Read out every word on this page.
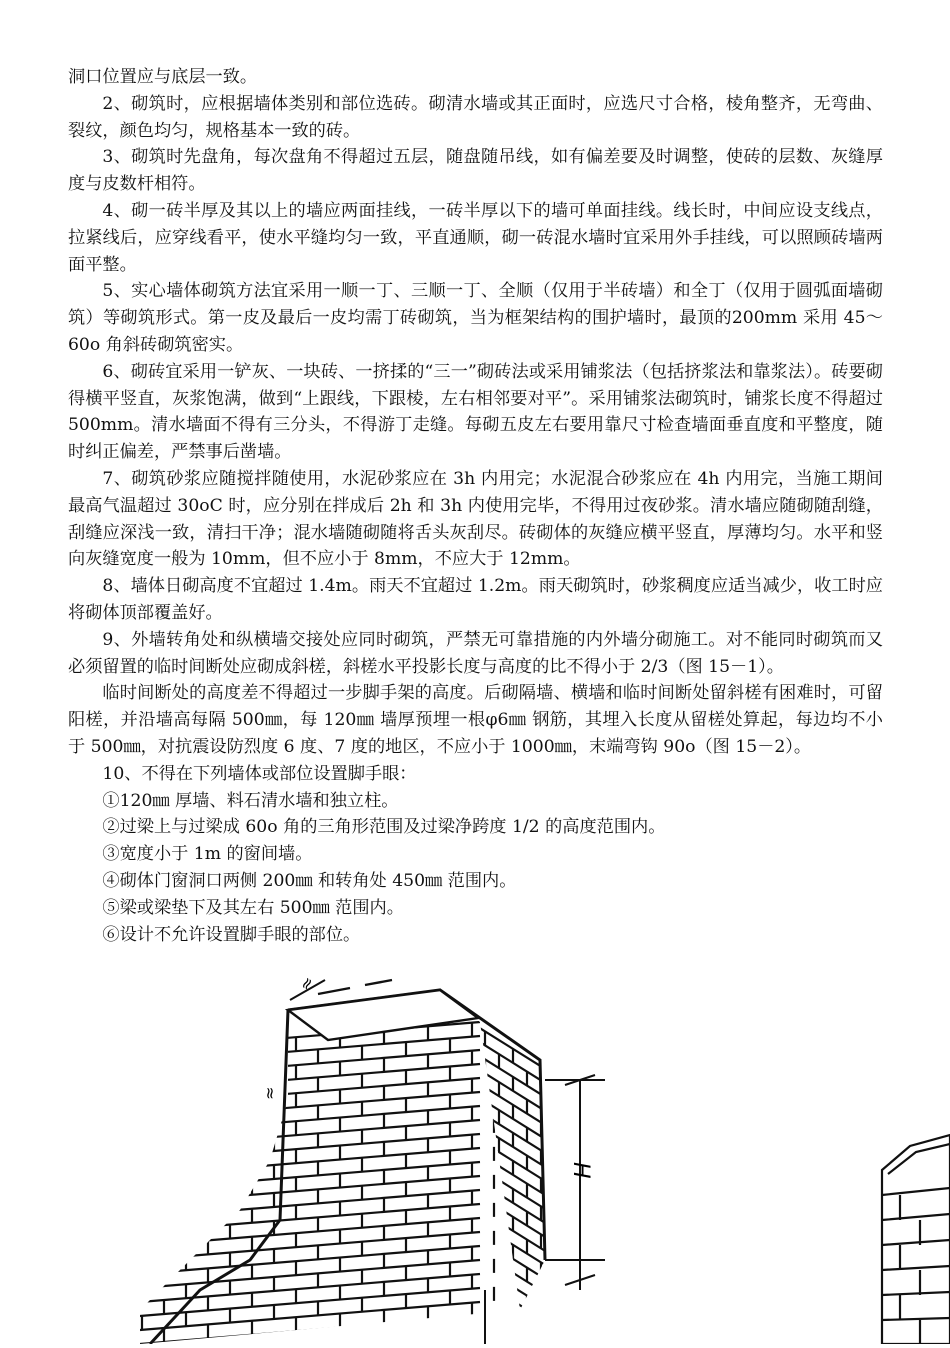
洞口位置应与底层一致。

2、砌筑时，应根据墙体类别和部位选砖。砌清水墙或其正面时，应选尺寸合格，棱角整齐，无弯曲、裂纹，颜色均匀，规格基本一致的砖。

3、砌筑时先盘角，每次盘角不得超过五层，随盘随吊线，如有偏差要及时调整，使砖的层数、灰缝厚度与皮数杆相符。

4、砌一砖半厚及其以上的墙应两面挂线，一砖半厚以下的墙可单面挂线。线长时，中间应设支线点，拉紧线后，应穿线看平，使水平缝均匀一致，平直通顺，砌一砖混水墙时宜采用外手挂线，可以照顾砖墙两面平整。

5、实心墙体砌筑方法宜采用一顺一丁、三顺一丁、全顺（仅用于半砖墙）和全丁（仅用于圆弧面墙砌筑）等砌筑形式。第一皮及最后一皮均需丁砖砌筑，当为框架结构的围护墙时，最顶的200mm 采用 45～60o 角斜砖砌筑密实。

6、砌砖宜采用一铲灰、一块砖、一挤揉的“三一”砌砖法或采用铺浆法（包括挤浆法和靠浆法）。砖要砌得横平竖直，灰浆饱满，做到“上跟线，下跟棱，左右相邻要对平”。采用铺浆法砌筑时，铺浆长度不得超过 500mm。清水墙面不得有三分头，不得游丁走缝。每砌五皮左右要用靠尺寸检查墙面垂直度和平整度，随时纠正偏差，严禁事后凿墙。

7、砌筑砂浆应随搅拌随使用，水泥砂浆应在 3h 内用完；水泥混合砂浆应在 4h 内用完，当施工期间最高气温超过 30oC 时，应分别在拌成后 2h 和 3h 内使用完毕，不得用过夜砂浆。清水墙应随砌随刮缝，刮缝应深浅一致，清扫干净；混水墙随砌随将舌头灰刮尽。砖砌体的灰缝应横平竖直，厚薄均匀。水平和竖向灰缝宽度一般为 10mm，但不应小于 8mm，不应大于 12mm。

8、墙体日砌高度不宜超过 1.4m。雨天不宜超过 1.2m。雨天砌筑时，砂浆稠度应适当减少，收工时应将砌体顶部覆盖好。

9、外墙转角处和纵横墙交接处应同时砌筑，严禁无可靠措施的内外墙分砌施工。对不能同时砌筑而又必须留置的临时间断处应砌成斜槎，斜槎水平投影长度与高度的比不得小于 2/3（图 15－1）。

临时间断处的高度差不得超过一步脚手架的高度。后砌隔墙、横墙和临时间断处留斜槎有困难时，可留阳槎，并沿墙高每隔 500㎜，每 120㎜ 墙厚预埋一根φ6㎜ 钢筋，其埋入长度从留槎处算起，每边均不小于 500㎜，对抗震设防烈度 6 度、7 度的地区，不应小于 1000㎜，末端弯钩 90o（图 15－2）。

10、不得在下列墙体或部位设置脚手眼：

①120㎜ 厚墙、料石清水墙和独立柱。

②过梁上与过梁成 60o 角的三角形范围及过梁净跨度 1/2 的高度范围内。

③宽度小于 1m 的窗间墙。

④砌体门窗洞口两侧 200㎜ 和转角处 450㎜ 范围内。

⑤梁或梁垫下及其左右 500㎜ 范围内。

⑥设计不允许设置脚手眼的部位。

≈
≈
H
